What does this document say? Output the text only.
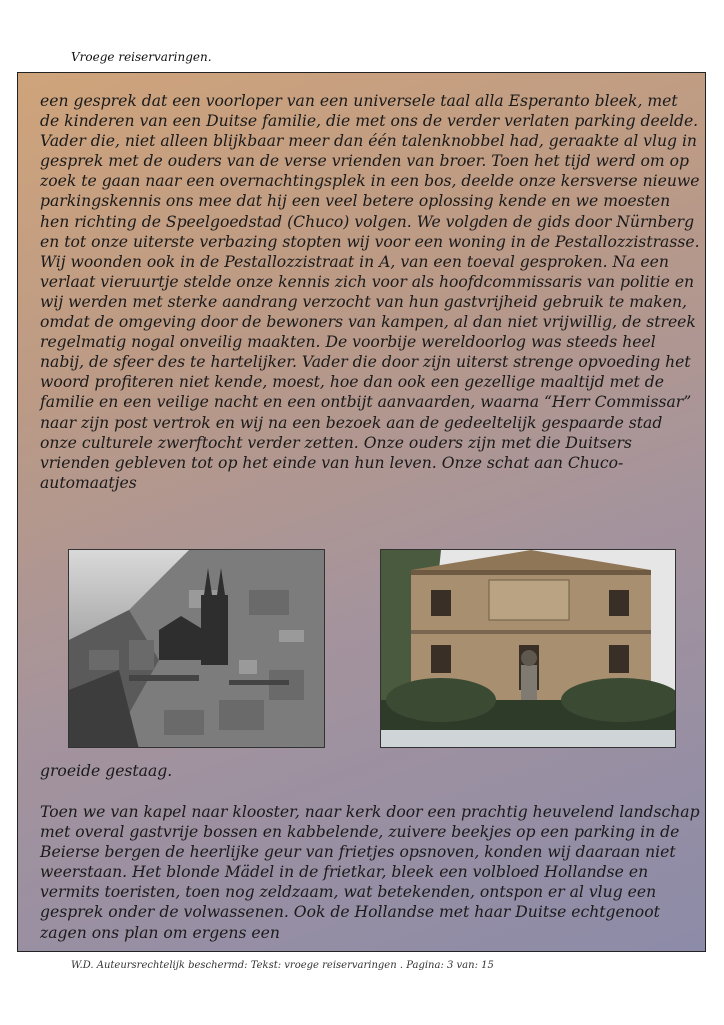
Vroege reiservaringen.

een gesprek dat een voorloper van een universele taal alla Esperanto bleek, met de kinderen van een Duitse familie, die met ons de verder verlaten parking deelde. Vader die, niet alleen blijkbaar meer dan één talenknobbel had, geraakte al vlug in gesprek met de ouders van de verse vrienden van broer. Toen het tijd werd om op zoek te gaan naar een overnachtingsplek in een bos, deelde onze kersverse nieuwe parkingskennis ons mee dat hij een veel betere oplossing kende en we moesten hen richting de Speelgoedstad (Chuco) volgen. We volgden de gids door Nürnberg en tot onze uiterste verbazing stopten wij voor een woning in de Pestallozzistrasse. Wij woonden ook in de Pestallozzistraat in A, van een toeval gesproken. Na een verlaat vieruurtje stelde onze kennis zich voor als hoofdcommissaris van politie en wij werden met sterke aandrang verzocht van hun gastvrijheid gebruik te maken, omdat de omgeving door de bewoners van kampen, al dan niet vrijwillig, de streek regelmatig nogal onveilig maakten. De voorbije wereldoorlog was steeds heel nabij, de sfeer des te hartelijker. Vader die door zijn uiterst strenge opvoeding het woord profiteren niet kende, moest, hoe dan ook een gezellige maaltijd met de familie en een veilige nacht en een ontbijt aanvaarden, waarna “Herr Commissar” naar zijn post vertrok en wij na een bezoek aan de gedeeltelijk gespaarde stad onze culturele zwerftocht verder zetten. Onze ouders zijn met die Duitsers vrienden gebleven tot op het einde van hun leven. Onze schat aan Chuco-automaatjes

groeide gestaag.

Toen we van kapel naar klooster, naar kerk door een prachtig heuvelend landschap met overal gastvrije bossen en kabbelende, zuivere beekjes op een parking in de Beierse bergen de heerlijke geur van frietjes opsnoven, konden wij daaraan niet weerstaan. Het blonde Mädel in de frietkar, bleek een volbloed Hollandse en vermits toeristen, toen nog zeldzaam, wat betekenden, ontspon er al vlug een gesprek onder de volwassenen. Ook de Hollandse met haar Duitse echtgenoot zagen ons plan om ergens een

W.D. Auteursrechtelijk beschermd: Tekst: vroege reiservaringen . Pagina: 3 van: 15
